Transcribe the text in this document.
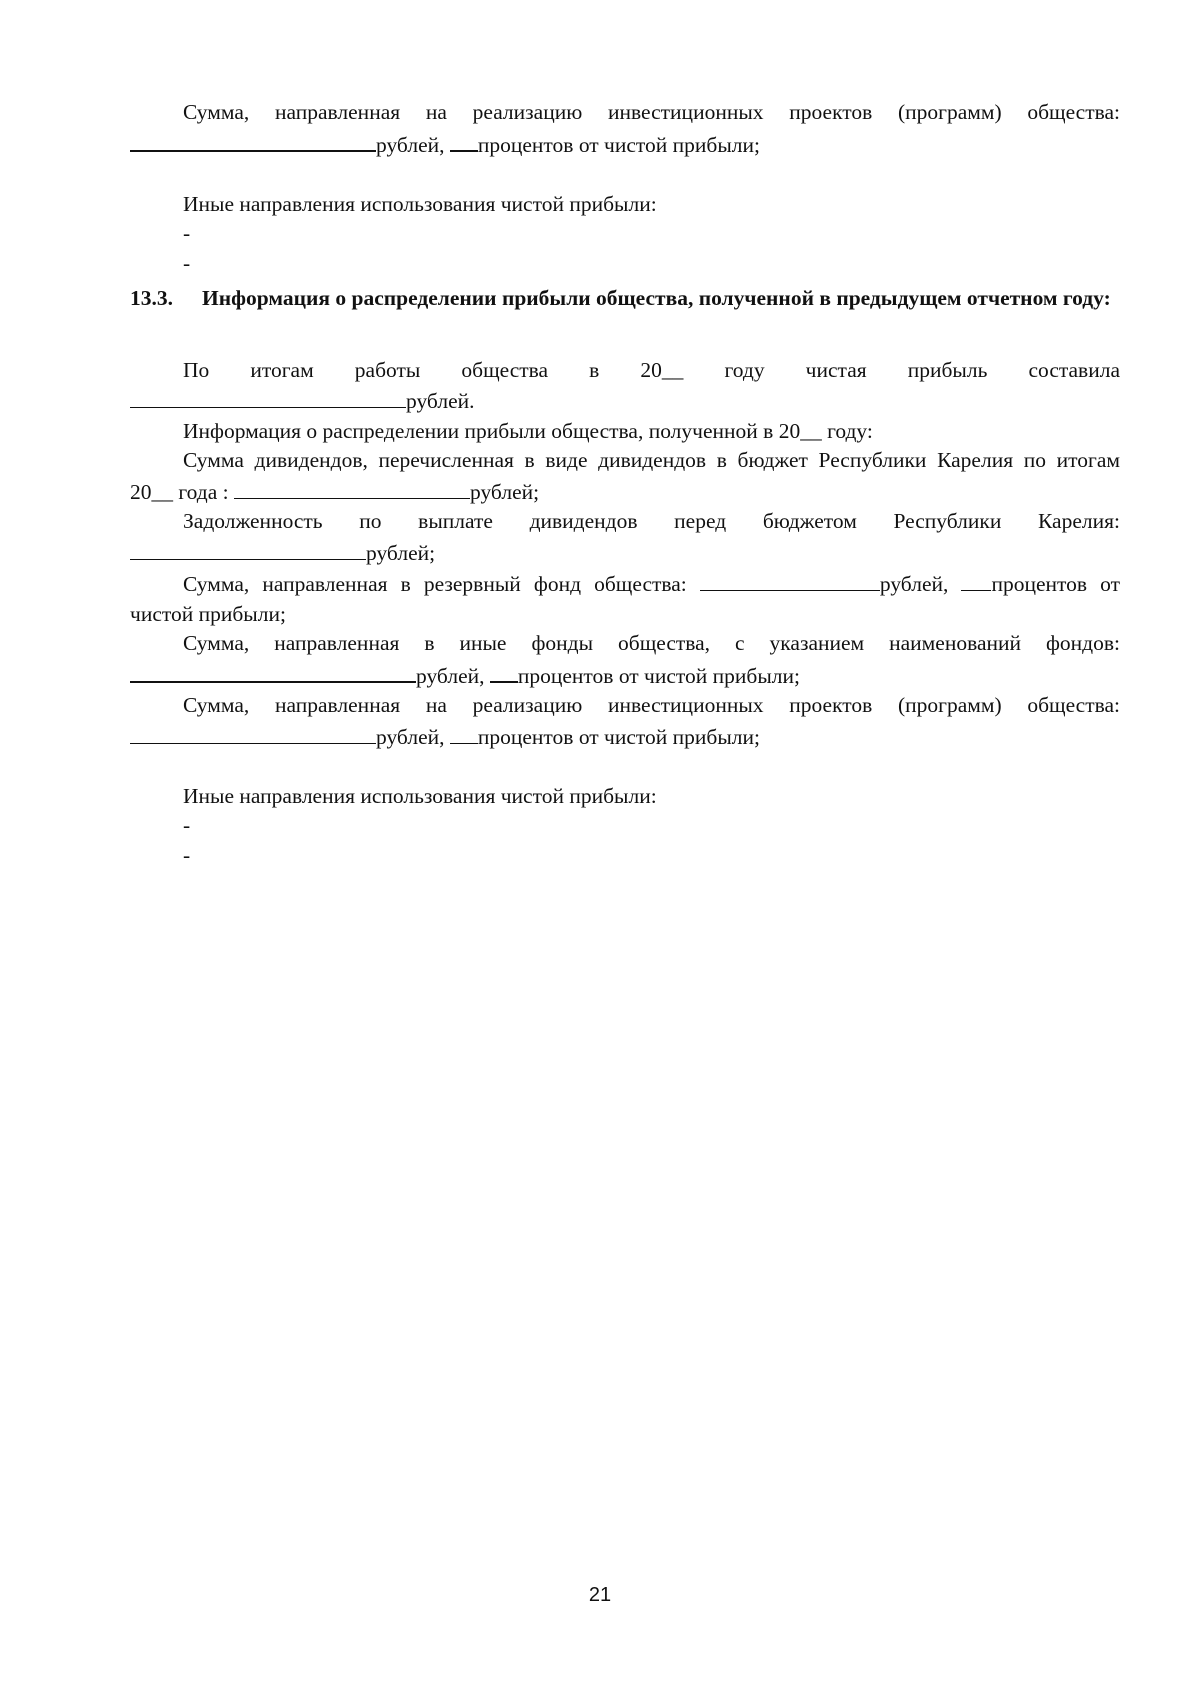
Сумма, направленная на реализацию инвестиционных проектов (программ) общества:

рублей, процентов от чистой прибыли;

Иные направления использования чистой прибыли:

-

-

13.3. Информация о распределении прибыли общества, полученной в предыдущем отчетном году:

По итогам работы общества в 20__ году чистая прибыль составила

рублей.

Информация о распределении прибыли общества, полученной в 20__ году:

Сумма дивидендов, перечисленная в виде дивидендов в бюджет Республики Карелия по итогам

20__ года :	рублей;

Задолженность по выплате дивидендов перед бюджетом Республики Карелия:

рублей;

Сумма, направленная в резервный фонд общества:	рублей, процентов от

чистой прибыли;

Сумма, направленная в иные фонды общества, с указанием наименований фондов:

рублей, процентов от чистой прибыли;

Сумма, направленная на реализацию инвестиционных проектов (программ) общества:

рублей, процентов от чистой прибыли;

Иные направления использования чистой прибыли:

-

-

21
